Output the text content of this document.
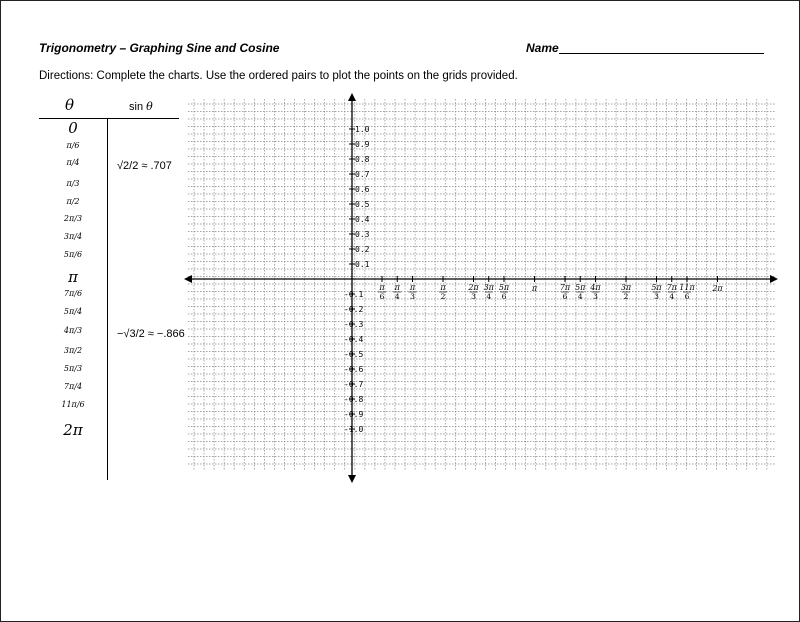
Trigonometry – Graphing Sine and Cosine	Name
Directions: Complete the charts. Use the ordered pairs to plot the points on the grids provided.
θ	sin θ
0
π/6
π/4	√2/2 ≈ .707
π/3
π/2
2π/3
3π/4
5π/6
π
7π/6
5π/4
4π/3	−√3/2 ≈ −.866
3π/2
5π/3
7π/4
11π/6
2π
1.0
0.9
0.8
0.7
0.6
0.5
0.4
0.3
0.2
0.1
-0.1
-0.2
-0.3
-0.4
-0.5
-0.6
-0.7
-0.8
-0.9
-1.0
π
6
π
4
π
3
π
2
2π
3
3π
4
5π
6
π	7π
6
5π
4
4π
3
3π
2
5π
3
7π
4
11π
6
2π
